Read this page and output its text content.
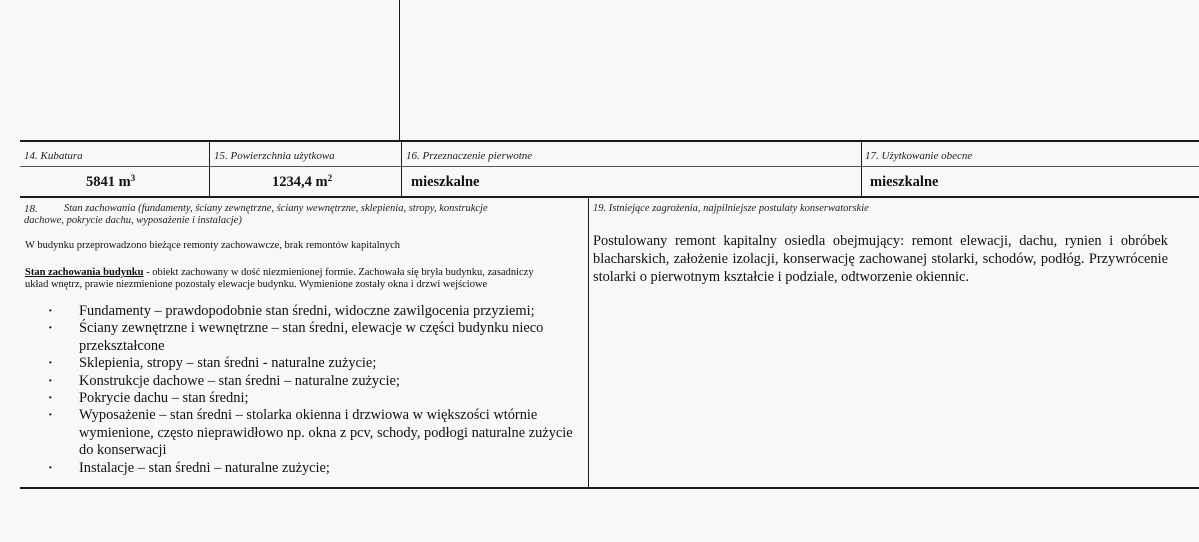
14. Kubatura	15. Powierzchnia użytkowa	16. Przeznaczenie pierwotne	17. Użytkowanie obecne
5841 $m^3$	1234,4 $m^2$	mieszkalne	mieszkalne
18.	Stan zachowania (fundamenty, ściany zewnętrzne, ściany wewnętrzne, sklepienia, stropy, konstrukcje
dachowe, pokrycie dachu, wyposażenie i instalacje)
W budynku przeprowadzono bieżące remonty zachowawcze, brak remontów kapitalnych
Stan zachowania budynku - obiekt zachowany w dość niezmienionej formie. Zachowała się bryła budynku, zasadniczy
układ wnętrz, prawie niezmienione pozostały elewacje budynku. Wymienione zostały okna i drzwi wejściowe
· Fundamenty – prawdopodobnie stan średni, widoczne zawilgocenia przyziemi;
· Ściany zewnętrzne i wewnętrzne – stan średni, elewacje w części budynku nieco przekształcone
· Sklepienia, stropy – stan średni - naturalne zużycie;
· Konstrukcje dachowe – stan średni – naturalne zużycie;
· Pokrycie dachu – stan średni;
· Wyposażenie – stan średni – stolarka okienna i drzwiowa w większości wtórnie wymienione, często nieprawidłowo np. okna z pcv, schody, podłogi naturalne zużycie do konserwacji
· Instalacje – stan średni – naturalne zużycie;
19. Istniejące zagrożenia, najpilniejsze postulaty konserwatorskie
Postulowany remont kapitalny osiedla obejmujący: remont elewacji, dachu, rynien i obróbek blacharskich, założenie izolacji, konserwację zachowanej stolarki, schodów, podłóg. Przywrócenie stolarki o pierwotnym kształcie i podziale, odtworzenie okiennic.
